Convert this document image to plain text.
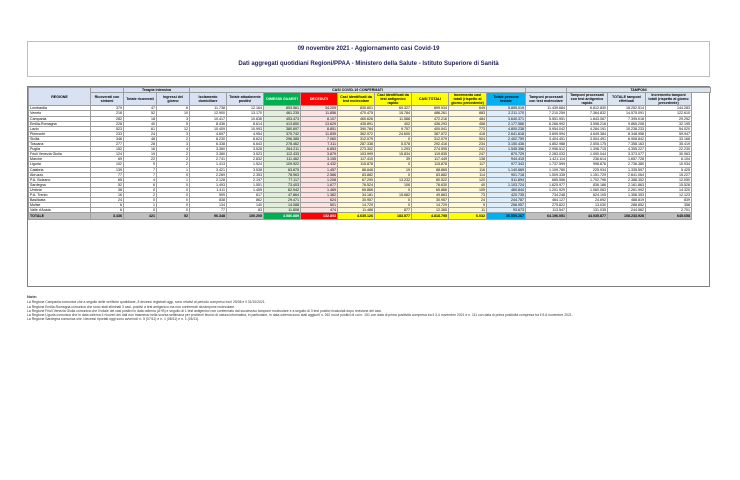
09 novembre 2021 - Aggiornamento casi Covid-19
Dati aggregati quotidiani Regioni/PPAA - Ministero della Salute - Istituto Superiore di Sanità
REGIONE		Terapia intensiva		CASI COVID-19 CONFERMATI										TAMPONI		
	Ricoverati con sintomi	Totale ricoverati	Ingressi del giorno	Isolamento domiciliare	Totale attualmente positivi	DIMESSI/ GUARITI	DECEDUTI	Casi identificati da test molecolare	Casi identificati da test antigenico rapido	CASI TOTALI	Incremento casi totali (rispetto al giorno precedente)	Totale persone testate	Tamponi processati con test molecolare	Tamponi processati con test antigenico rapido	TOTALE tamponi effettuati	Incremento tamponi totali (rispetto al giorno precedente)
Lombardia	379	47	6	11.738	12.164	853.561	34.209	830.601	69.327	899.934	649	5.895.019	11.439.684	6.812.830	18.252.514	144.283
Veneto	218	52	10	12.900	13.170	461.235	11.856	470.475	15.784	486.261	883	2.211.170	7.210.259	7.364.832	14.575.091	122.610
Campania	282	18	3	10.417	10.636	453.473	8.107	460.626	11.588	472.216	484	3.640.371	5.551.951	1.843.067	7.395.018	29.252
Emilia-Romagna	228	40	5	8.436	8.614	413.850	13.629	435.891	402	436.293	458	2.177.566	6.266.992	3.598.216	9.865.208	32.195
Lazio	523	61	12	10.409	10.993	380.697	8.851	390.784	9.757	400.541	773	4.800.238	5.954.042	4.284.191	10.238.233	54.020
Piemonte	233	24	3	4.697	4.954	370.742	11.839	362.972	24.600	387.572	418	2.641.618	3.699.994	4.649.384	8.348.958	59.947
Sicilia	346	48	2	8.230	8.624	296.385	7.060	312.079	0	312.079	504	2.402.759	3.404.451	3.504.491	6.908.842	33.166
Toscana	277	28	3	6.338	6.643	278.462	7.311	287.338	5.078	292.416	234	3.150.436	4.852.988	2.505.175	7.358.163	35.419
Puglia	152	16	4	3.360	3.528	264.211	6.853	273.302	1.293	274.595	241	1.545.356	2.956.512	1.398.715	4.355.227	22.230
Friuli Venezia Giulia	124	19	2	3.380	3.523	112.433	3.879	103.999	15.834	119.835	247	870.729	2.283.033	1.090.044	3.373.077	30.963
Marche	69	22	2	2.741	2.832	111.462	3.155	117.410	39	117.449	138	944.415	1.421.114	236.614	1.657.728	6.104
Liguria	102	9	2	1.413	1.524	109.922	4.432	115.878	0	115.878	117	977.343	1.737.599	998.876	2.736.380	10.934
Calabria	139	7	1	3.421	3.538	83.875	1.457	88.846	19	88.865	116	1.140.669	1.109.780	225.934	1.335.597	5.425
Abruzzo	77	7	0	2.269	2.353	78.963	2.566	83.882	0	83.882	114	901.718	1.509.335	1.151.729	2.641.064	15.227
P.A. Bolzano	65	4	1	2.128	2.197	77.117	1.208	67.290	13.232	80.522	120	511.894	685.556	1.702.796	2.388.352	12.050
Sardegna	52	6	0	1.493	1.551	73.403	1.677	76.524	106	76.630	40	1.103.724	1.825.977	836.186	2.161.863	15.528
Umbria	38	0	0	1.411	1.455	62.942	1.469	65.866	0	65.866	105	460.844	1.201.929	1.060.063	2.261.992	14.320
P.A. Trento	16	2	0	599	617	47.864	1.382	34.181	15.682	49.863	73	420.735	734.248	624.105	1.358.353	12.123
Basilicata	24	0	0	838	862	29.471	624	30.957	0	30.957	24	244.787	464.127	24.692	488.819	839
Molise	6	1	0	134	140	14.088	501	14.729	0	14.729	9	256.957	275.822	13.030	288.852	358
Valle d'Aosta	6	0	0	77	83	11.808	474	11.488	877	12.365	11	93.673	113.547	131.035	244.582	2.701
TOTALE	3.436	421	52	96.348	100.205	4.586.889	132.893	4.635.126	183.577	4.818.795	6.032	36.559.267	64.196.051	44.035.877	108.233.928	645.658
Note:
La Regione Campania comunica che a seguito delle verifiche quotidiane, 8 decessi registrati oggi, sono relativi al periodo compreso tra il 25/08 e il 31/10/2021.
La Regione Emilia-Romagna comunica che sono stati eliminati 3 casi, positivi a test antigenico ma non confermati da tampone molecolare.
La Regione Friuli Venezia Giulia comunica che il totale dei casi positivi in data odierna (A+B) e seguito di 1 test antigenico non confermato dal successivo tampone molecolare e a seguito di 3 test positivi ricalcolati dopo revisione dei casi.
La Regione Liguria comunica che in data odierna 4 ricoveri dei dati non trasmessi nella scorsa settimana per problemi tecnici di natura informatica, in particolare, in data odierna sono stati aggiunti n. 262 nuovi positivi di cui n. 151 con data di prima positività compresa tra il 3-4 novembre 2021 e n. 111 con data di prima positività compresa tra il 5-6 novembre 2021.
La Regione Sardegna comunica che i decessi riportati oggi sono avvenuti: n. 5 (07/11) e n. 1 (08/11) e n. 1 (04/11).
